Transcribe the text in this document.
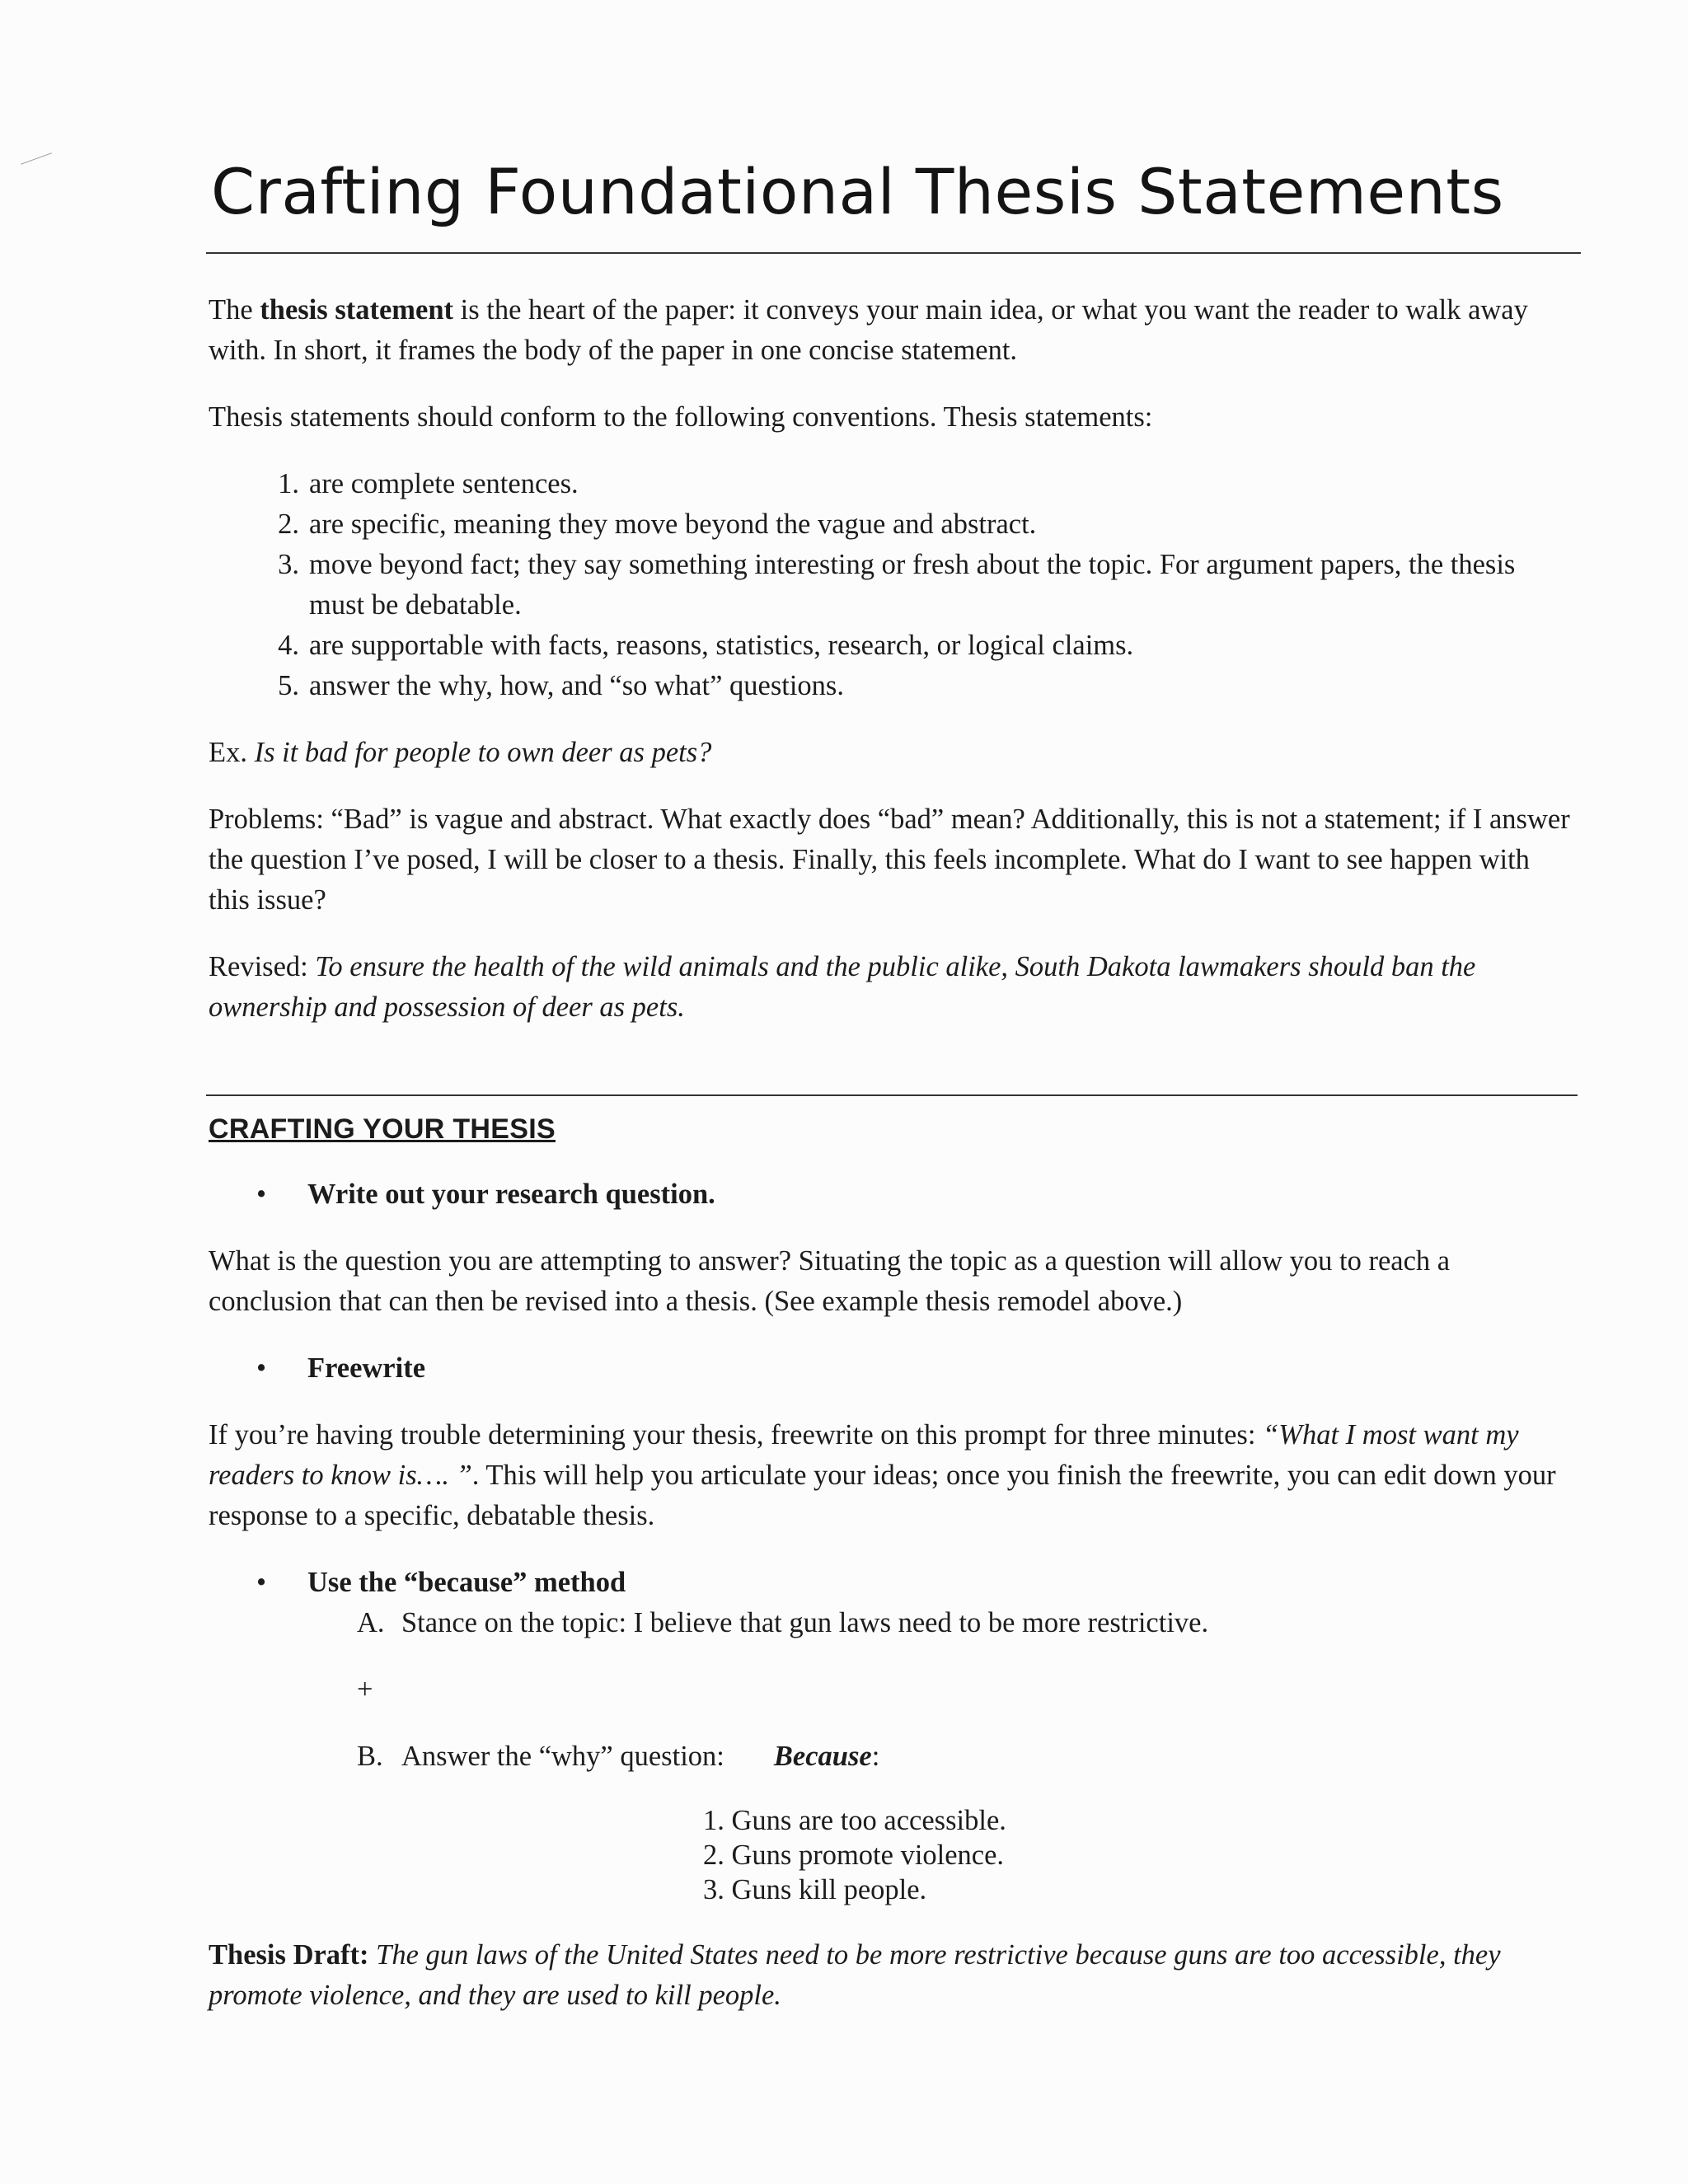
Crafting Foundational Thesis Statements

The thesis statement is the heart of the paper: it conveys your main idea, or what you want the reader to walk away with. In short, it frames the body of the paper in one concise statement.

Thesis statements should conform to the following conventions. Thesis statements:

1. are complete sentences.
2. are specific, meaning they move beyond the vague and abstract.
3. move beyond fact; they say something interesting or fresh about the topic. For argument papers, the thesis must be debatable.
4. are supportable with facts, reasons, statistics, research, or logical claims.
5. answer the why, how, and “so what” questions.

Ex. Is it bad for people to own deer as pets?

Problems: “Bad” is vague and abstract. What exactly does “bad” mean? Additionally, this is not a statement; if I answer the question I’ve posed, I will be closer to a thesis. Finally, this feels incomplete. What do I want to see happen with this issue?

Revised: To ensure the health of the wild animals and the public alike, South Dakota lawmakers should ban the ownership and possession of deer as pets.

CRAFTING YOUR THESIS
• Write out your research question.

What is the question you are attempting to answer? Situating the topic as a question will allow you to reach a conclusion that can then be revised into a thesis. (See example thesis remodel above.)

• Freewrite

If you’re having trouble determining your thesis, freewrite on this prompt for three minutes: “What I most want my readers to know is…. ”. This will help you articulate your ideas; once you finish the freewrite, you can edit down your response to a specific, debatable thesis.

• Use the “because” method

A. Stance on the topic: I believe that gun laws need to be more restrictive.

+

B. Answer the “why” question: Because:

1. Guns are too accessible.
2. Guns promote violence.
3. Guns kill people.

Thesis Draft: The gun laws of the United States need to be more restrictive because guns are too accessible, they promote violence, and they are used to kill people.
